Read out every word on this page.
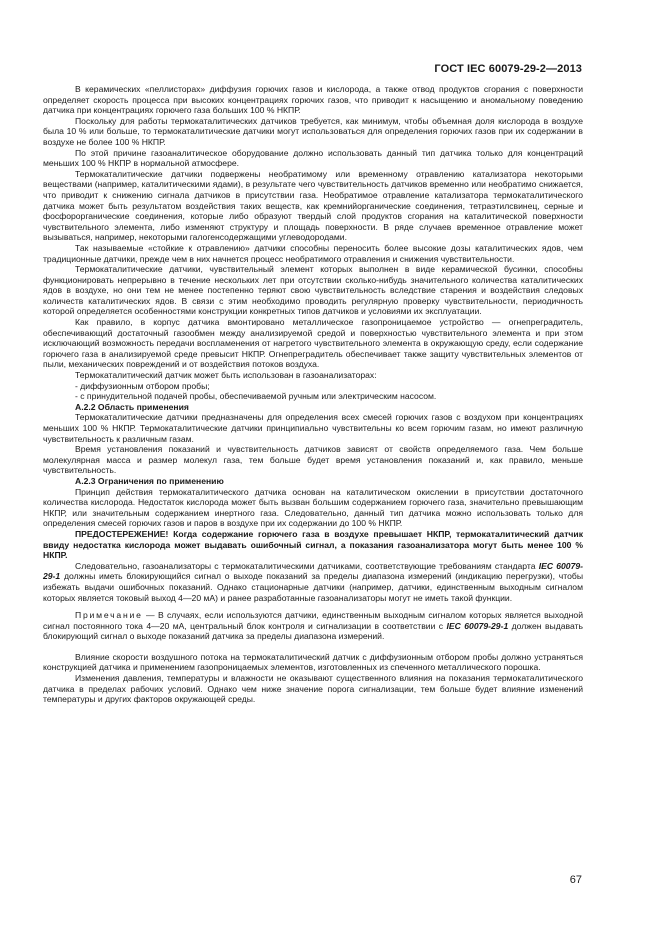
ГОСТ IEC 60079-29-2—2013

В керамических «пеллисторах» диффузия горючих газов и кислорода, а также отвод продуктов сгорания с поверхности определяет скорость процесса при высоких концентрациях горючих газов, что приводит к насыщению и аномальному поведению датчика при концентрациях горючего газа больших 100 % НКПР.

Поскольку для работы термокаталитических датчиков требуется, как минимум, чтобы объемная доля кислорода в воздухе была 10 % или больше, то термокаталитические датчики могут использоваться для определения горючих газов при их содержании в воздухе не более 100 % НКПР.

По этой причине газоаналитическое оборудование должно использовать данный тип датчика только для концентраций меньших 100 % НКПР в нормальной атмосфере.

Термокаталитические датчики подвержены необратимому или временному отравлению катализатора некоторыми веществами (например, каталитическими ядами), в результате чего чувствительность датчиков временно или необратимо снижается, что приводит к снижению сигнала датчиков в присутствии газа. Необратимое отравление катализатора термокаталитического датчика может быть результатом воздействия таких веществ, как кремнийорганические соединения, тетраэтилсвинец, серные и фосфорорганические соединения, которые либо образуют твердый слой продуктов сгорания на каталитической поверхности чувствительного элемента, либо изменяют структуру и площадь поверхности. В ряде случаев временное отравление может вызываться, например, некоторыми галогенсодержащими углеводородами.

Так называемые «стойкие к отравлению» датчики способны переносить более высокие дозы каталитических ядов, чем традиционные датчики, прежде чем в них начнется процесс необратимого отравления и снижения чувствительности.

Термокаталитические датчики, чувствительный элемент которых выполнен в виде керамической бусинки, способны функционировать непрерывно в течение нескольких лет при отсутствии сколько-нибудь значительного количества каталитических ядов в воздухе, но они тем не менее постепенно теряют свою чувствительность вследствие старения и воздействия следовых количеств каталитических ядов. В связи с этим необходимо проводить регулярную проверку чувствительности, периодичность которой определяется особенностями конструкции конкретных типов датчиков и условиями их эксплуатации.

Как правило, в корпус датчика вмонтировано металлическое газопроницаемое устройство — огнепреградитель, обеспечивающий достаточный газообмен между анализируемой средой и поверхностью чувствительного элемента и при этом исключающий возможность передачи воспламенения от нагретого чувствительного элемента в окружающую среду, если содержание горючего газа в анализируемой среде превысит НКПР. Огнепреградитель обеспечивает также защиту чувствительных элементов от пыли, механических повреждений и от воздействия потоков воздуха.

Термокаталитический датчик может быть использован в газоанализаторах:

- диффузионным отбором пробы;
- с принудительной подачей пробы, обеспечиваемой ручным или электрическим насосом.

А.2.2 Область применения

Термокаталитические датчики предназначены для определения всех смесей горючих газов с воздухом при концентрациях меньших 100 % НКПР. Термокаталитические датчики принципиально чувствительны ко всем горючим газам, но имеют различную чувствительность к различным газам.

Время установления показаний и чувствительность датчиков зависят от свойств определяемого газа. Чем больше молекулярная масса и размер молекул газа, тем больше будет время установления показаний и, как правило, меньше чувствительность.

А.2.3 Ограничения по применению

Принцип действия термокаталитического датчика основан на каталитическом окислении в присутствии достаточного количества кислорода. Недостаток кислорода может быть вызван большим содержанием горючего газа, значительно превышающим НКПР, или значительным содержанием инертного газа. Следовательно, данный тип датчика можно использовать только для определения смесей горючих газов и паров в воздухе при их содержании до 100 % НКПР.

ПРЕДОСТЕРЕЖЕНИЕ! Когда содержание горючего газа в воздухе превышает НКПР, термокаталитический датчик ввиду недостатка кислорода может выдавать ошибочный сигнал, а показания газоанализатора могут быть менее 100 % НКПР.

Следовательно, газоанализаторы с термокаталитическими датчиками, соответствующие требованиям стандарта IEC 60079-29-1 должны иметь блокирующийся сигнал о выходе показаний за пределы диапазона измерений (индикацию перегрузки), чтобы избежать выдачи ошибочных показаний. Однако стационарные датчики (например, датчики, единственным выходным сигналом которых является токовый выход 4—20 мА) и ранее разработанные газоанализаторы могут не иметь такой функции.

Примечание — В случаях, если используются датчики, единственным выходным сигналом которых является выходной сигнал постоянного тока 4—20 мА, центральный блок контроля и сигнализации в соответствии с IEC 60079-29-1 должен выдавать блокирующий сигнал о выходе показаний датчика за пределы диапазона измерений.

Влияние скорости воздушного потока на термокаталитический датчик с диффузионным отбором пробы должно устраняться конструкцией датчика и применением газопроницаемых элементов, изготовленных из спеченного металлического порошка.

Изменения давления, температуры и влажности не оказывают существенного влияния на показания термокаталитического датчика в пределах рабочих условий. Однако чем ниже значение порога сигнализации, тем больше будет влияние изменений температуры и других факторов окружающей среды.

67
